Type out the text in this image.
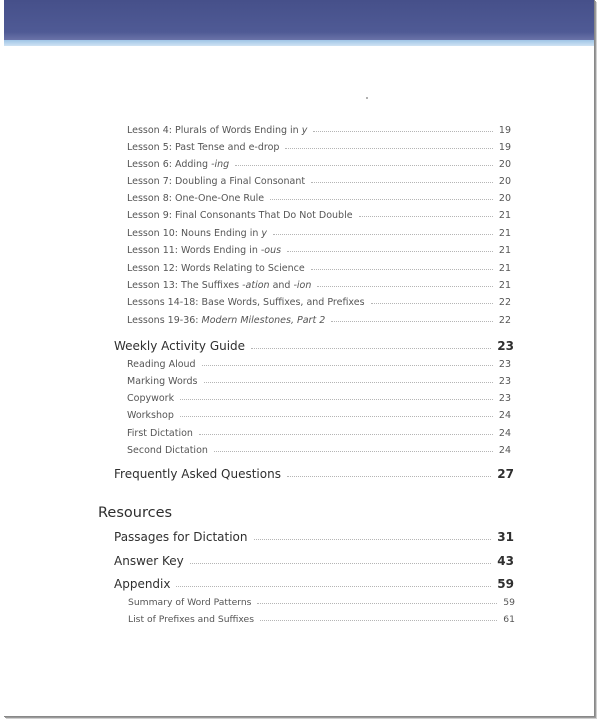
Lesson 4: Plurals of Words Ending in y	19
Lesson 5: Past Tense and e-drop	19
Lesson 6: Adding -ing	20
Lesson 7: Doubling a Final Consonant	20
Lesson 8: One-One-One Rule	20
Lesson 9: Final Consonants That Do Not Double	21
Lesson 10: Nouns Ending in y	21
Lesson 11: Words Ending in -ous	21
Lesson 12: Words Relating to Science	21
Lesson 13: The Suffixes -ation and -ion	21
Lessons 14-18: Base Words, Suffixes, and Prefixes	22
Lessons 19-36: Modern Milestones, Part 2	22
Weekly Activity Guide	23
Reading Aloud	23
Marking Words	23
Copywork	23
Workshop	24
First Dictation	24
Second Dictation	24
Frequently Asked Questions	27
Resources
Passages for Dictation	31
Answer Key	43
Appendix	59
Summary of Word Patterns	59
List of Prefixes and Suffixes	61
